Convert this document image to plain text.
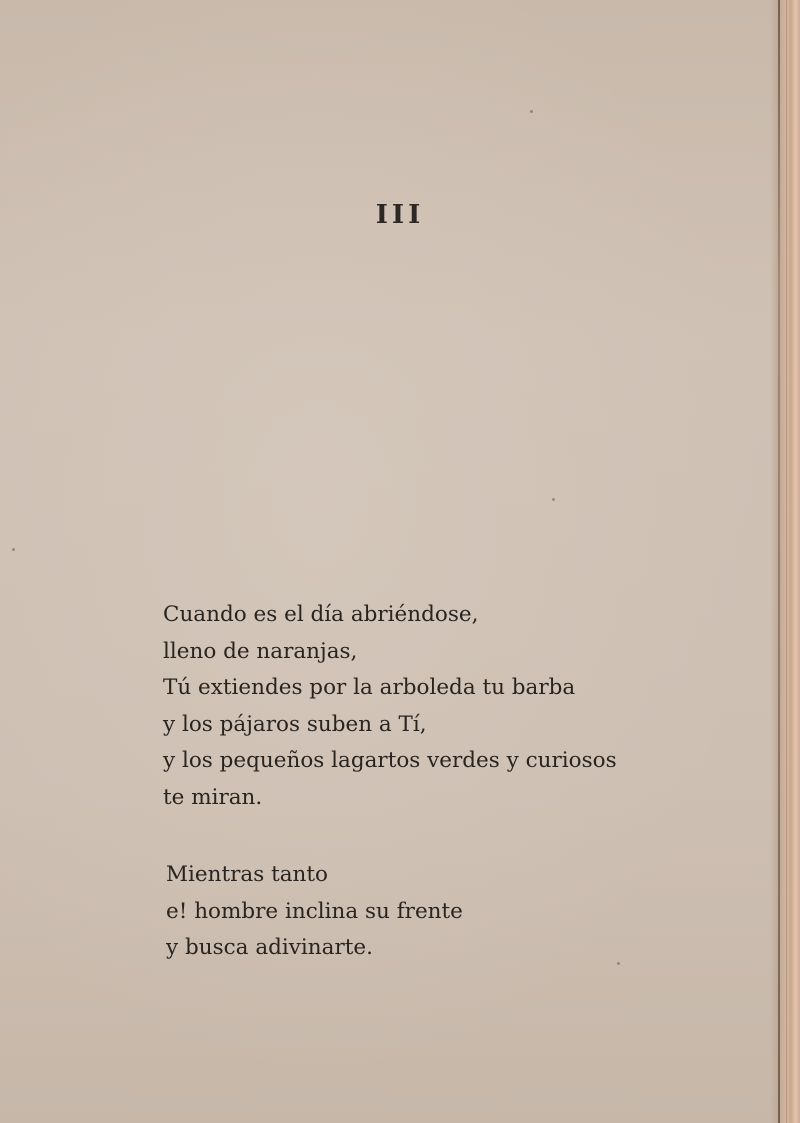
III
Cuando es el día abriéndose,
lleno de naranjas,
Tú extiendes por la arboleda tu barba
y los pájaros suben a Tí,
y los pequeños lagartos verdes y curiosos
te miran.
Mientras tanto
e! hombre inclina su frente
y busca adivinarte.
